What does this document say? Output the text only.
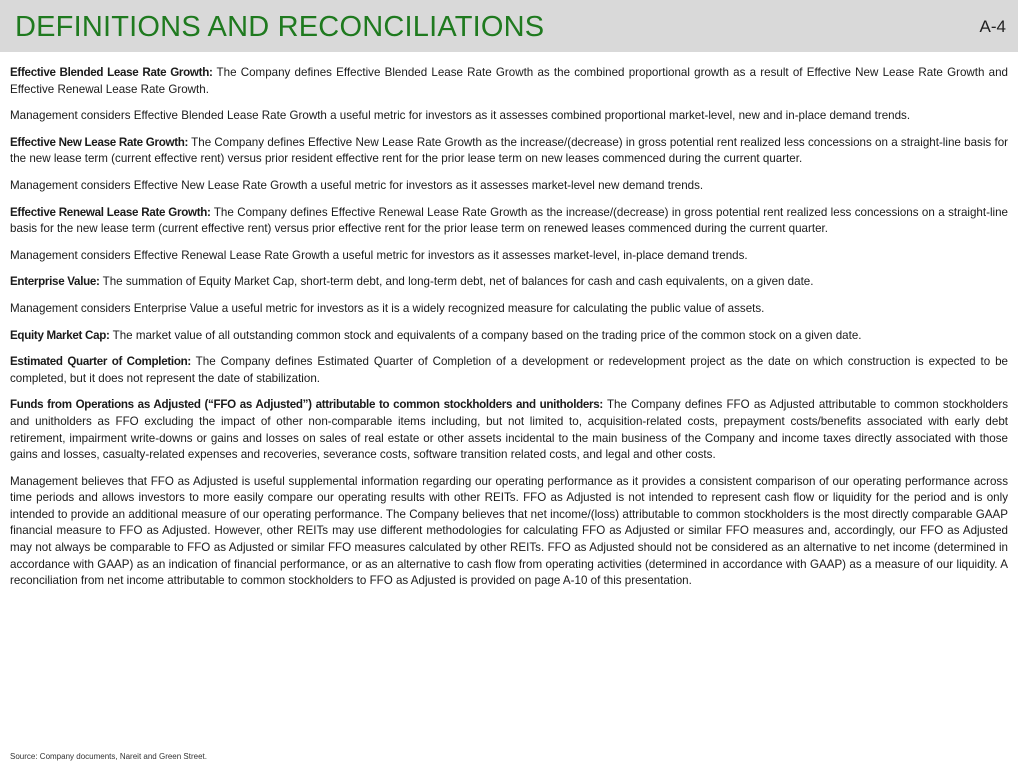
DEFINITIONS AND RECONCILIATIONS	A-4

Effective Blended Lease Rate Growth: The Company defines Effective Blended Lease Rate Growth as the combined proportional growth as a result of Effective New Lease Rate Growth and Effective Renewal Lease Rate Growth.

Management considers Effective Blended Lease Rate Growth a useful metric for investors as it assesses combined proportional market-level, new and in-place demand trends.

Effective New Lease Rate Growth: The Company defines Effective New Lease Rate Growth as the increase/(decrease) in gross potential rent realized less concessions on a straight-line basis for the new lease term (current effective rent) versus prior resident effective rent for the prior lease term on new leases commenced during the current quarter.

Management considers Effective New Lease Rate Growth a useful metric for investors as it assesses market-level new demand trends.

Effective Renewal Lease Rate Growth: The Company defines Effective Renewal Lease Rate Growth as the increase/(decrease) in gross potential rent realized less concessions on a straight-line basis for the new lease term (current effective rent) versus prior effective rent for the prior lease term on renewed leases commenced during the current quarter.

Management considers Effective Renewal Lease Rate Growth a useful metric for investors as it assesses market-level, in-place demand trends.

Enterprise Value: The summation of Equity Market Cap, short-term debt, and long-term debt, net of balances for cash and cash equivalents, on a given date.

Management considers Enterprise Value a useful metric for investors as it is a widely recognized measure for calculating the public value of assets.

Equity Market Cap: The market value of all outstanding common stock and equivalents of a company based on the trading price of the common stock on a given date.

Estimated Quarter of Completion: The Company defines Estimated Quarter of Completion of a development or redevelopment project as the date on which construction is expected to be completed, but it does not represent the date of stabilization.

Funds from Operations as Adjusted (“FFO as Adjusted”) attributable to common stockholders and unitholders: The Company defines FFO as Adjusted attributable to common stockholders and unitholders as FFO excluding the impact of other non-comparable items including, but not limited to, acquisition-related costs, prepayment costs/benefits associated with early debt retirement, impairment write-downs or gains and losses on sales of real estate or other assets incidental to the main business of the Company and income taxes directly associated with those gains and losses, casualty-related expenses and recoveries, severance costs, software transition related costs, and legal and other costs.

Management believes that FFO as Adjusted is useful supplemental information regarding our operating performance as it provides a consistent comparison of our operating performance across time periods and allows investors to more easily compare our operating results with other REITs. FFO as Adjusted is not intended to represent cash flow or liquidity for the period and is only intended to provide an additional measure of our operating performance. The Company believes that net income/(loss) attributable to common stockholders is the most directly comparable GAAP financial measure to FFO as Adjusted. However, other REITs may use different methodologies for calculating FFO as Adjusted or similar FFO measures and, accordingly, our FFO as Adjusted may not always be comparable to FFO as Adjusted or similar FFO measures calculated by other REITs. FFO as Adjusted should not be considered as an alternative to net income (determined in accordance with GAAP) as an indication of financial performance, or as an alternative to cash flow from operating activities (determined in accordance with GAAP) as a measure of our liquidity. A reconciliation from net income attributable to common stockholders to FFO as Adjusted is provided on page A-10 of this presentation.

Source: Company documents, Nareit and Green Street.
